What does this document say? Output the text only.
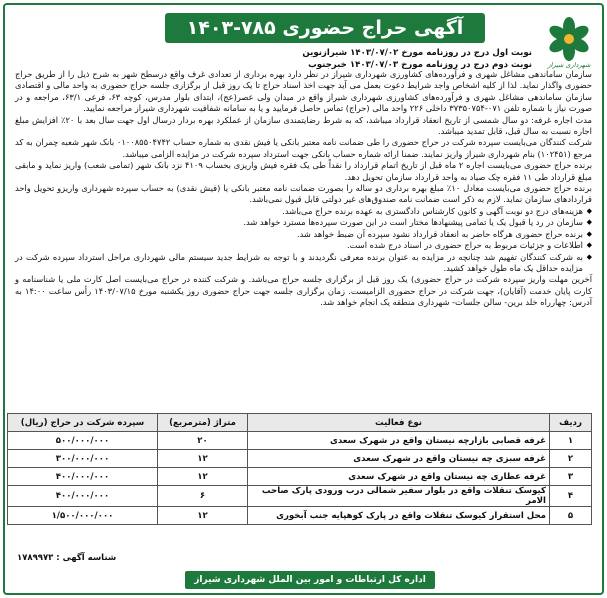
آگهی حراج حضوری ۷۸۵-۱۴۰۳
شهرداری شیراز
نوبت اول درج در روزنامه مورخ ۱۴۰۳/۰۷/۰۲ شیرازنوین
نوبت دوم درج در روزنامه مورخ ۱۴۰۳/۰۷/۰۳ خبرجنوب

سازمان ساماندهی مشاغل شهری و فرآورده‌های کشاورزی شهرداری شیراز در نظر دارد بهره برداری از تعدادی غرف واقع درسطح شهر به شرح ذیل را از طریق حراج حضوری واگذار نماید. لذا از کلیه اشخاص واجد شرایط دعوت بعمل می آید جهت اخذ اسناد حراج تا یک روز قبل از برگزاری جلسه حراج حضوری به واحد مالی و اقتصادی سازمان ساماندهی مشاغل شهری و فرآورده‌های کشاورزی شهرداری شیراز واقع در میدان ولی عصر(عج)، ابتدای بلوار مدرس، کوچه ۶۳، فرعی ۶۳/۱، مراجعه و در صورت نیاز با شماره تلفن ۰۷۱-۳۷۳۵۰۷۵۴ داخلی ۲۲۶ واحد مالی (حراج) تماس حاصل فرمایید و یا به سامانه شفافیت شهرداری شیراز مراجعه نمایید.

مدت اجاره غرفه: دو سال شمسی از تاریخ انعقاد قرارداد میباشد، که به شرط رضایتمندی سازمان از عملکرد بهره بردار درسال اول جهت سال بعد با ۲۰٪ افزایش مبلغ اجاره نسبت به سال قبل، قابل تمدید میباشد.

شرکت کنندگان می‌بایست سپرده شرکت در حراج حضوری را طی ضمانت نامه معتبر بانکی یا فیش نقدی به شماره حساب ۰۱۰۰۸۵۵۰۴۷۴۲ بانک شهر شعبه چمران به کد مرجع (۱۰۲۴۵۱) بنام شهرداری شیراز واریز نمایند. ضمنا ارائه شماره حساب بانکی جهت استرداد سپرده شرکت در مزایده الزامی میباشد.

برنده حراج حضوری می‌بایست اجاره ۲ ماه قبل از تاریخ اتمام قرارداد را نقداً طی یک فقره فیش واریزی بحساب ۴۱۰۹ نزد بانک شهر (تمامی شعب) واریز نماید و مابقی مبلغ قرارداد طی ۱۱ فقره چک صیاد به واحد قرارداد سازمان تحویل دهد.

برنده حراج حضوری می‌بایست معادل ۱۰٪ مبلغ بهره برداری دو ساله را بصورت ضمانت نامه معتبر بانکی یا (فیش نقدی) به حساب سپرده شهرداری واریزو تحویل واحد قراردادهای سازمان نماید. لازم به ذکر است ضمانت نامه صندوق‌های غیر دولتی قابل قبول نمی‌باشد.

◆ هزینه‌های درج دو نوبت آگهی و کانون کارشناس دادگستری به عهده برنده حراج می‌باشد.
◆ سازمان در رد یا قبول یک یا تمامی پیشنهادها مختار است در این صورت سپرده‌ها مسترد خواهد شد.
◆ برنده حراج حضوری هرگاه حاضر به انعقاد قرارداد نشود سپرده آن ضبط خواهد شد.
◆ اطلاعات و جزئیات مربوط به حراج حضوری در اسناد درج شده است.
◆ به شرکت کنندگان تفهیم شد چنانچه در مزایده به عنوان برنده معرفی نگردیدند و با توجه به شرایط جدید سیستم مالی شهرداری مراحل استرداد سپرده شرکت در مزایده حداقل یک ماه طول خواهد کشید.

آخرین مهلت واریز سپرده شرکت در حراج حضوری) یک روز قبل از برگزاری جلسه حراج می‌باشد. و شرکت کننده در حراج می‌بایست اصل کارت ملی یا شناسنامه و کارت پایان خدمت (آقایان)، جهت شرکت در حراج حضوری الزامیست. زمان برگزاری جلسه جهت حراج حضوری روز یکشنبه مورخ ۱۴۰۳/۰۷/۱۵ رأس ساعت ۱۴:۰۰ به آدرس: چهارراه خلد برین- سالن جلسات- شهرداری منطقه یک انجام خواهد شد.

ردیف	نوع فعالیت	متراژ (مترمربع)	سپرده شرکت در حراج (ریال)
۱	غرفه قصابی بازارچه نیستان واقع در شهرک سعدی	۲۰	۵۰۰/۰۰۰/۰۰۰
۲	غرفه سبزی چه نیستان واقع در شهرک سعدی	۱۲	۳۰۰/۰۰۰/۰۰۰
۳	غرفه عطاری چه نیستان واقع در شهرک سعدی	۱۲	۴۰۰/۰۰۰/۰۰۰
۴	کیوسک تنقلات واقع در بلوار سفیر شمالی درب ورودی پارک صاحب الامر	۶	۴۰۰/۰۰۰/۰۰۰
۵	محل استقرار کیوسک تنقلات واقع در پارک کوهپایه جنب آبخوری	۱۲	۱/۵۰۰/۰۰۰/۰۰۰
شناسه آگهی : ۱۷۸۹۹۷۳
اداره کل ارتباطات و امور بین الملل شهرداری شیراز
